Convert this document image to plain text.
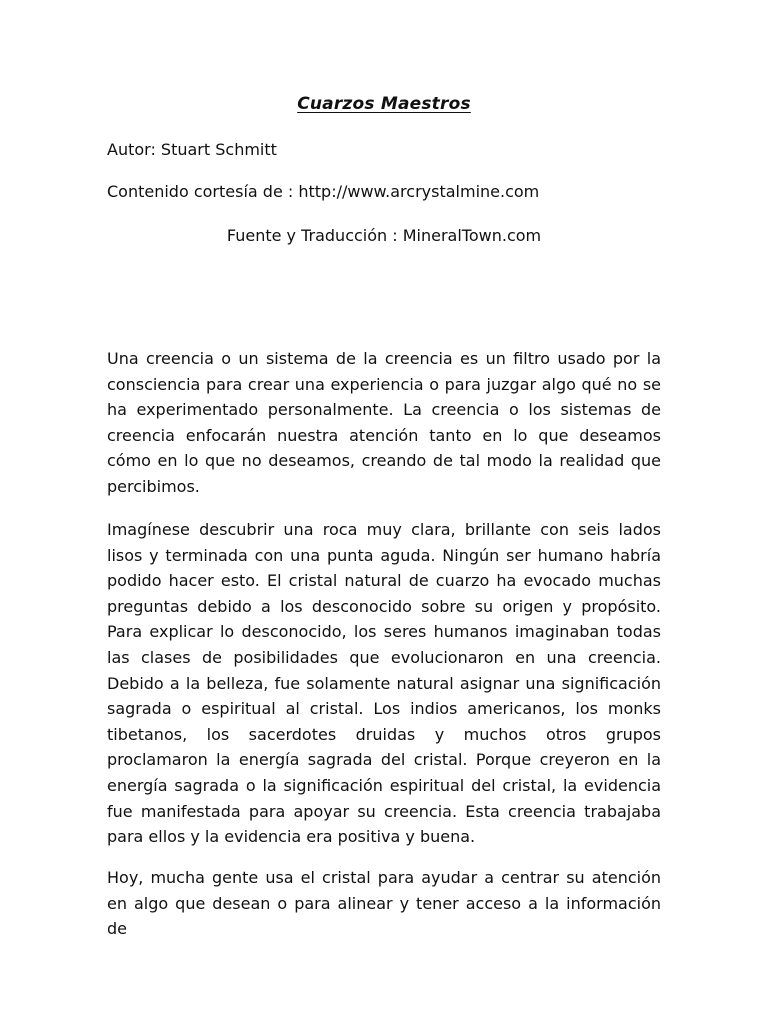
Cuarzos Maestros

Autor: Stuart Schmitt

Contenido cortesía de : http://www.arcrystalmine.com

Fuente y Traducción : MineralTown.com

Una creencia o un sistema de la creencia es un filtro usado por la consciencia para crear una experiencia o para juzgar algo qué no se ha experimentado personalmente. La creencia o los sistemas de creencia enfocarán nuestra atención tanto en lo que deseamos cómo en lo que no deseamos, creando de tal modo la realidad que percibimos.

Imagínese descubrir una roca muy clara, brillante con seis lados lisos y terminada con una punta aguda. Ningún ser humano habría podido hacer esto. El cristal natural de cuarzo ha evocado muchas preguntas debido a los desconocido sobre su origen y propósito. Para explicar lo desconocido, los seres humanos imaginaban todas las clases de posibilidades que evolucionaron en una creencia. Debido a la belleza, fue solamente natural asignar una significación sagrada o espiritual al cristal. Los indios americanos, los monks tibetanos, los sacerdotes druidas y muchos otros grupos proclamaron la energía sagrada del cristal. Porque creyeron en la energía sagrada o la significación espiritual del cristal, la evidencia fue manifestada para apoyar su creencia. Esta creencia trabajaba para ellos y la evidencia era positiva y buena.

Hoy, mucha gente usa el cristal para ayudar a centrar su atención en algo que desean o para alinear y tener acceso a la información de
